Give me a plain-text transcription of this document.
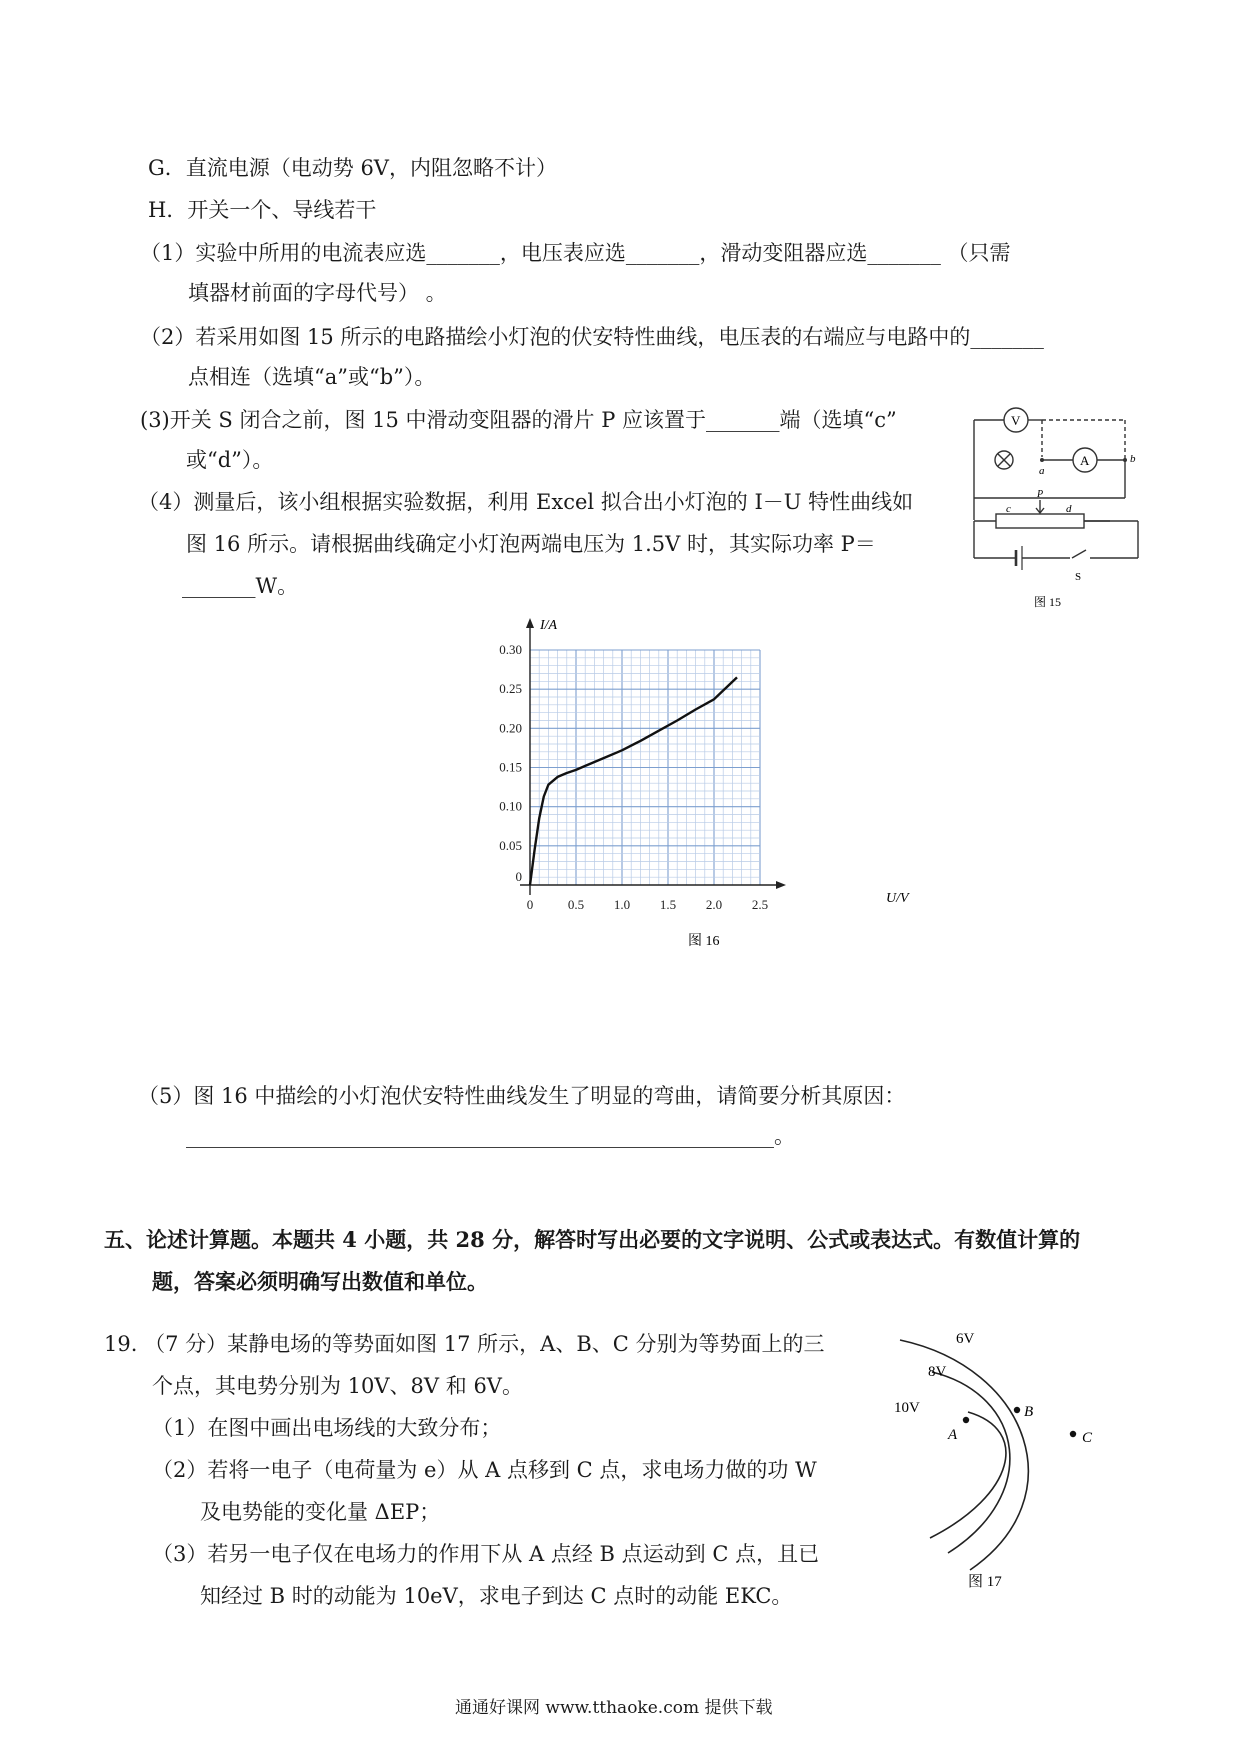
G．直流电源（电动势 6V，内阻忽略不计）
H．开关一个、导线若干
（1）实验中所用的电流表应选_______，电压表应选_______，滑动变阻器应选_______ （只需
填器材前面的字母代号） 。
（2）若采用如图 15 所示的电路描绘小灯泡的伏安特性曲线，电压表的右端应与电路中的_______
点相连（选填“a”或“b”）。
(3)开关 S 闭合之前，图 15 中滑动变阻器的滑片 P 应该置于_______端（选填“c”
或“d”）。
（4）测量后，该小组根据实验数据，利用 Excel 拟合出小灯泡的 I－U 特性曲线如
图 16 所示。请根据曲线确定小灯泡两端电压为 1.5V 时，其实际功率 P＝
_______W。
V
A
a
b
c	d
P
S
图 15
0	0.5 1.0 1.5 2.0 2.5
0
0.05
0.10
0.15
0.20
0.25
0.30
I/A
U/V
图 16
（5）图 16 中描绘的小灯泡伏安特性曲线发生了明显的弯曲，请简要分析其原因：
________________________________________________________。
五、论述计算题。本题共 4 小题，共 28 分，解答时写出必要的文字说明、公式或表达式。有数值计算的
题，答案必须明确写出数值和单位。
19. （7 分）某静电场的等势面如图 17 所示，A、B、C 分别为等势面上的三
个点，其电势分别为 10V、8V 和 6V。
（1）在图中画出电场线的大致分布；
（2）若将一电子（电荷量为 e）从 A 点移到 C 点，求电场力做的功 W
及电势能的变化量 ΔEP；
（3）若另一电子仅在电场力的作用下从 A 点经 B 点运动到 C 点，且已
知经过 B 时的动能为 10eV，求电子到达 C 点时的动能 EKC。
6V
8V
10V
A
B
C
图 17
通通好课网 www.tthaoke.com 提供下载
